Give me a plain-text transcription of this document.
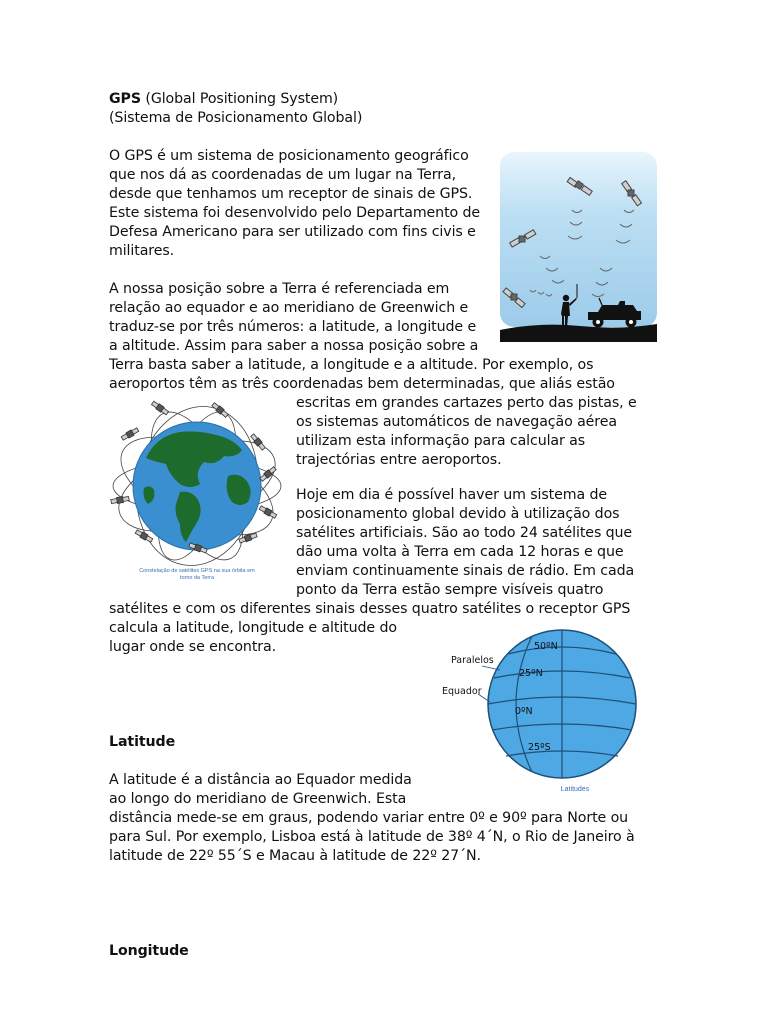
GPS (Global Positioning System)
(Sistema de Posicionamento Global)
O GPS é um sistema de posicionamento geográfico
que nos dá as coordenadas de um lugar na Terra,
desde que tenhamos um receptor de sinais de GPS.
Este sistema foi desenvolvido pelo Departamento de
Defesa Americano para ser utilizado com fins civis e
militares.
A nossa posição sobre a Terra é referenciada em
relação ao equador e ao meridiano de Greenwich e
traduz-se por três números: a latitude, a longitude e
a altitude. Assim para saber a nossa posição sobre a
Terra basta saber a latitude, a longitude e a altitude. Por exemplo, os
aeroportos têm as três coordenadas bem determinadas, que aliás estão
escritas em grandes cartazes perto das pistas, e
os sistemas automáticos de navegação aérea
utilizam esta informação para calcular as
trajectórias entre aeroportos.
Hoje em dia é possível haver um sistema de
posicionamento global devido à utilização dos
satélites artificiais. São ao todo 24 satélites que
dão uma volta à Terra em cada 12 horas e que
enviam continuamente sinais de rádio. Em cada
ponto da Terra estão sempre visíveis quatro
satélites e com os diferentes sinais desses quatro satélites o receptor GPS
calcula a latitude, longitude e altitude do
lugar onde se encontra.
Latitude
A latitude é a distância ao Equador medida
ao longo do meridiano de Greenwich. Esta
distância mede-se em graus, podendo variar entre 0º e 90º para Norte ou
para Sul. Por exemplo, Lisboa está à latitude de 38º 4´N, o Rio de Janeiro à
latitude de 22º 55´S e Macau à latitude de 22º 27´N.
Longitude
Constelação de satélites GPS na sua órbita em
torno da Terra
Paralelos
Equador
50ºN
25ºN
0ºN
25ºS
Latitudes
